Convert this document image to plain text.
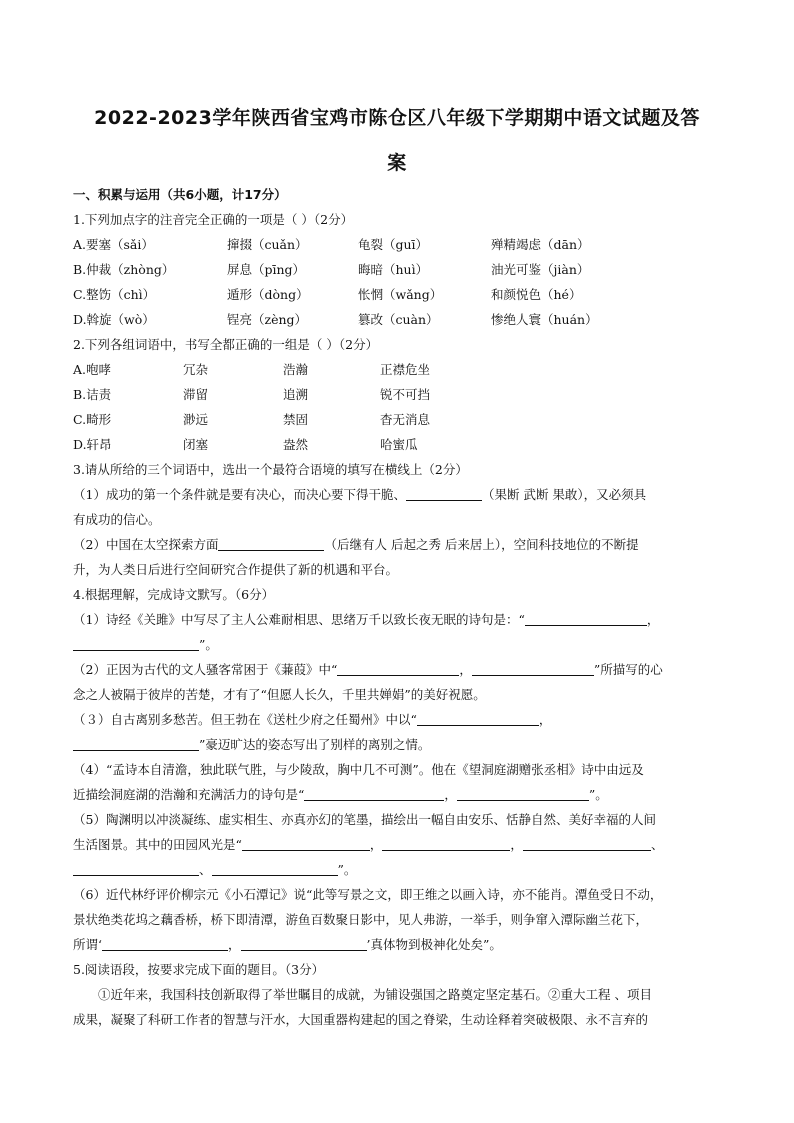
2022-2023学年陕西省宝鸡市陈仓区八年级下学期期中语文试题及答
案
一、积累与运用（共6小题，计17分）
1.下列加点字的注音完全正确的一项是（ ）（2分）
A.要塞（sǎi）	撺掇（cuǎn）	龟裂（guī）	殚精竭虑（dān）
B.仲裁（zhòng）	屏息（pīng）	晦暗（huì）	油光可鉴（jiàn）
C.整饬（chì）	遁形（dòng）	怅惘（wǎng）	和颜悦色（hé）
D.斡旋（wò）	锃亮（zèng）	篡改（cuàn）	惨绝人寰（huán）
2.下列各组词语中，书写全都正确的一组是（ ）（2分）
A.咆哮	冗杂	浩瀚	正襟危坐
B.诘责	滞留	追溯	锐不可挡
C.畸形	渺远	禁固	杳无消息
D.轩昂	闭塞	盎然	哈蜜瓜
3.请从所给的三个词语中，选出一个最符合语境的填写在横线上（2分）
（1）成功的第一个条件就是要有决心，而决心要下得干脆、	（果断 武断 果敢），又必须具
有成功的信心。
（2）中国在太空探索方面	（后继有人 后起之秀 后来居上），空间科技地位的不断提
升，为人类日后进行空间研究合作提供了新的机遇和平台。
4.根据理解，完成诗文默写。（6分）
（1）诗经《关雎》中写尽了主人公难耐相思、思绪万千以致长夜无眠的诗句是：“	，
”。
（2）正因为古代的文人骚客常困于《蒹葭》中“	，	”所描写的心
念之人被隔于彼岸的苦楚，才有了“但愿人长久，千里共婵娟”的美好祝愿。
（３）自古离别多愁苦。但王勃在《送杜少府之任蜀州》中以“	，
”豪迈旷达的姿态写出了别样的离别之情。
（4）“孟诗本自清澹，独此联气胜，与少陵敌，胸中几不可测”。他在《望洞庭湖赠张丞相》诗中由远及
近描绘洞庭湖的浩瀚和充满活力的诗句是“	，	”。
（5）陶渊明以冲淡凝练、虚实相生、亦真亦幻的笔墨，描绘出一幅自由安乐、恬静自然、美好幸福的人间
生活图景。其中的田园风光是“	，	，	、
、	”。
（6）近代林纾评价柳宗元《小石潭记》说“此等写景之文，即王维之以画入诗，亦不能肖。潭鱼受日不动，
景状绝类花坞之藕香桥，桥下即清潭，游鱼百数聚日影中，见人弗游，一举手，则争窜入潭际幽兰花下，
所谓‘	，	’真体物到极神化处矣”。
5.阅读语段，按要求完成下面的题目。（3分）
　　①近年来，我国科技创新取得了举世瞩目的成就，为铺设强国之路奠定坚定基石。②重大工程 、项目
成果，凝聚了科研工作者的智慧与汗水，大国重器构建起的国之脊梁，生动诠释着突破极限、永不言弃的
